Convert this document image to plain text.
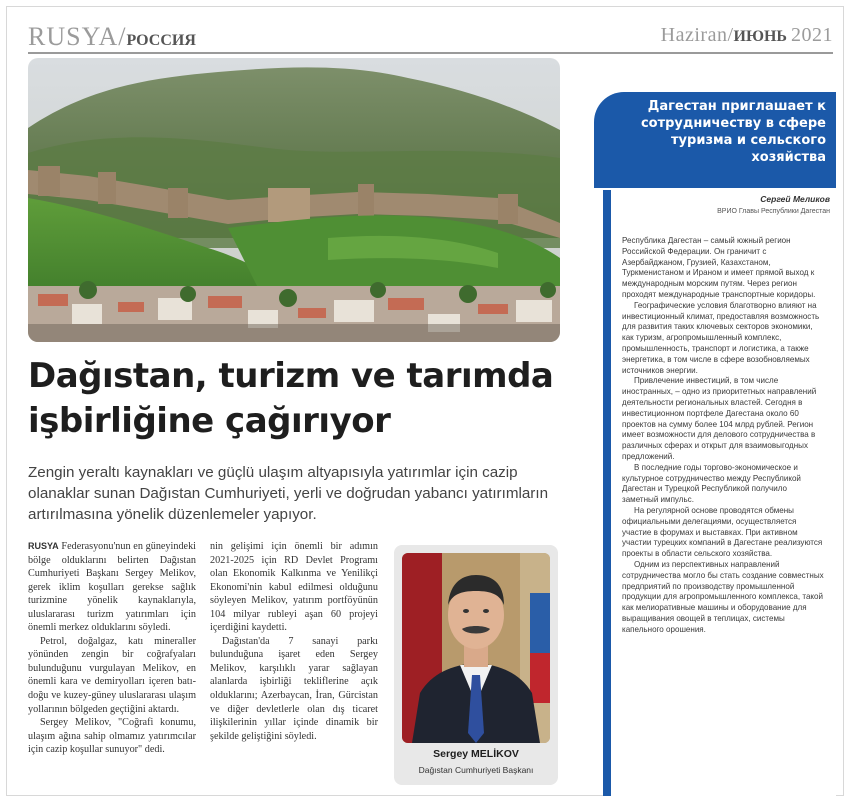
RUSYA/РОССИЯ	Haziran/ИЮНЬ 2021
Dağıstan, turizm ve tarımda
işbirliğine çağırıyor

Zengin yeraltı kaynakları ve güçlü ulaşım altyapısıyla yatırımlar için cazip olanaklar sunan Dağıstan Cumhuriyeti, yerli ve doğrudan yabancı yatırımların artırılmasına yönelik düzenlemeler yapıyor.

RUSYA Federasyonu'nun en güneyindeki bölge olduklarını belirten Dağıstan Cumhuriyeti Başkanı Sergey Melikov, gerek iklim koşulları gerekse sağlık turizmine yönelik kaynaklarıyla, uluslararası turizm yatırımları için önemli merkez olduklarını söyledi.

Petrol, doğalgaz, katı mineraller yönünden zengin bir coğrafyaları bulunduğunu vurgulayan Melikov, en önemli kara ve demiryolları içeren batı-doğu ve kuzey-güney uluslararası ulaşım yollarının bölgeden geçtiğini aktardı.

Sergey Melikov, "Coğrafi konumu, ulaşım ağına sahip olmamız yatırımcılar için cazip koşullar sunuyor" dedi.

nin gelişimi için önemli bir adımın 2021-2025 için RD Devlet Programı olan Ekonomik Kalkınma ve Yenilikçi Ekonomi'nin kabul edilmesi olduğunu söyleyen Melikov, yatırım portföyünün 104 milyar rubleyi aşan 60 projeyi içerdiğini kaydetti.

Dağıstan'da 7 sanayi parkı bulunduğuna işaret eden Sergey Melikov, karşılıklı yarar sağlayan alanlarda işbirliği tekliflerine açık olduklarını; Azerbaycan, İran, Gürcistan ve diğer devletlerle olan dış ticaret ilişkilerinin yıllar içinde dinamik bir şekilde geliştiğini söyledi.

Sergey MELİKOV
Dağıstan Cumhuriyeti Başkanı
Дагестан приглашает к сотрудничеству в сфере туризма и сельского хозяйства
Сергей Меликов
ВРИО Главы Республики Дагестан

Республика Дагестан – самый южный регион Российской Федерации. Он граничит с Азербайджаном, Грузией, Казахстаном, Туркменистаном и Ираном и имеет прямой выход к международным морским путям. Через регион проходят международные транспортные коридоры.

Географические условия благотворно влияют на инвестиционный климат, предоставляя возможность для развития таких ключевых секторов экономики, как туризм, агропромышленный комплекс, промышленность, транспорт и логистика, а также энергетика, в том числе в сфере возобновляемых источников энергии.

Привлечение инвестиций, в том числе иностранных, – одно из приоритетных направлений деятельности региональных властей. Сегодня в инвестиционном портфеле Дагестана около 60 проектов на сумму более 104 млрд рублей. Регион имеет возможности для делового сотрудничества в различных сферах и открыт для взаимовыгодных предложений.

В последние годы торгово-экономическое и культурное сотрудничество между Республикой Дагестан и Турецкой Республикой получило заметный импульс.

На регулярной основе проводятся обмены официальными делегациями, осуществляется участие в форумах и выставках. При активном участии турецких компаний в Дагестане реализуются проекты в области сельского хозяйства.

Одним из перспективных направлений сотрудничества могло бы стать создание совместных предприятий по производству промышленной продукции для агропромышленного комплекса, такой как мелиоративные машины и оборудование для выращивания овощей в теплицах, системы капельного орошения.
